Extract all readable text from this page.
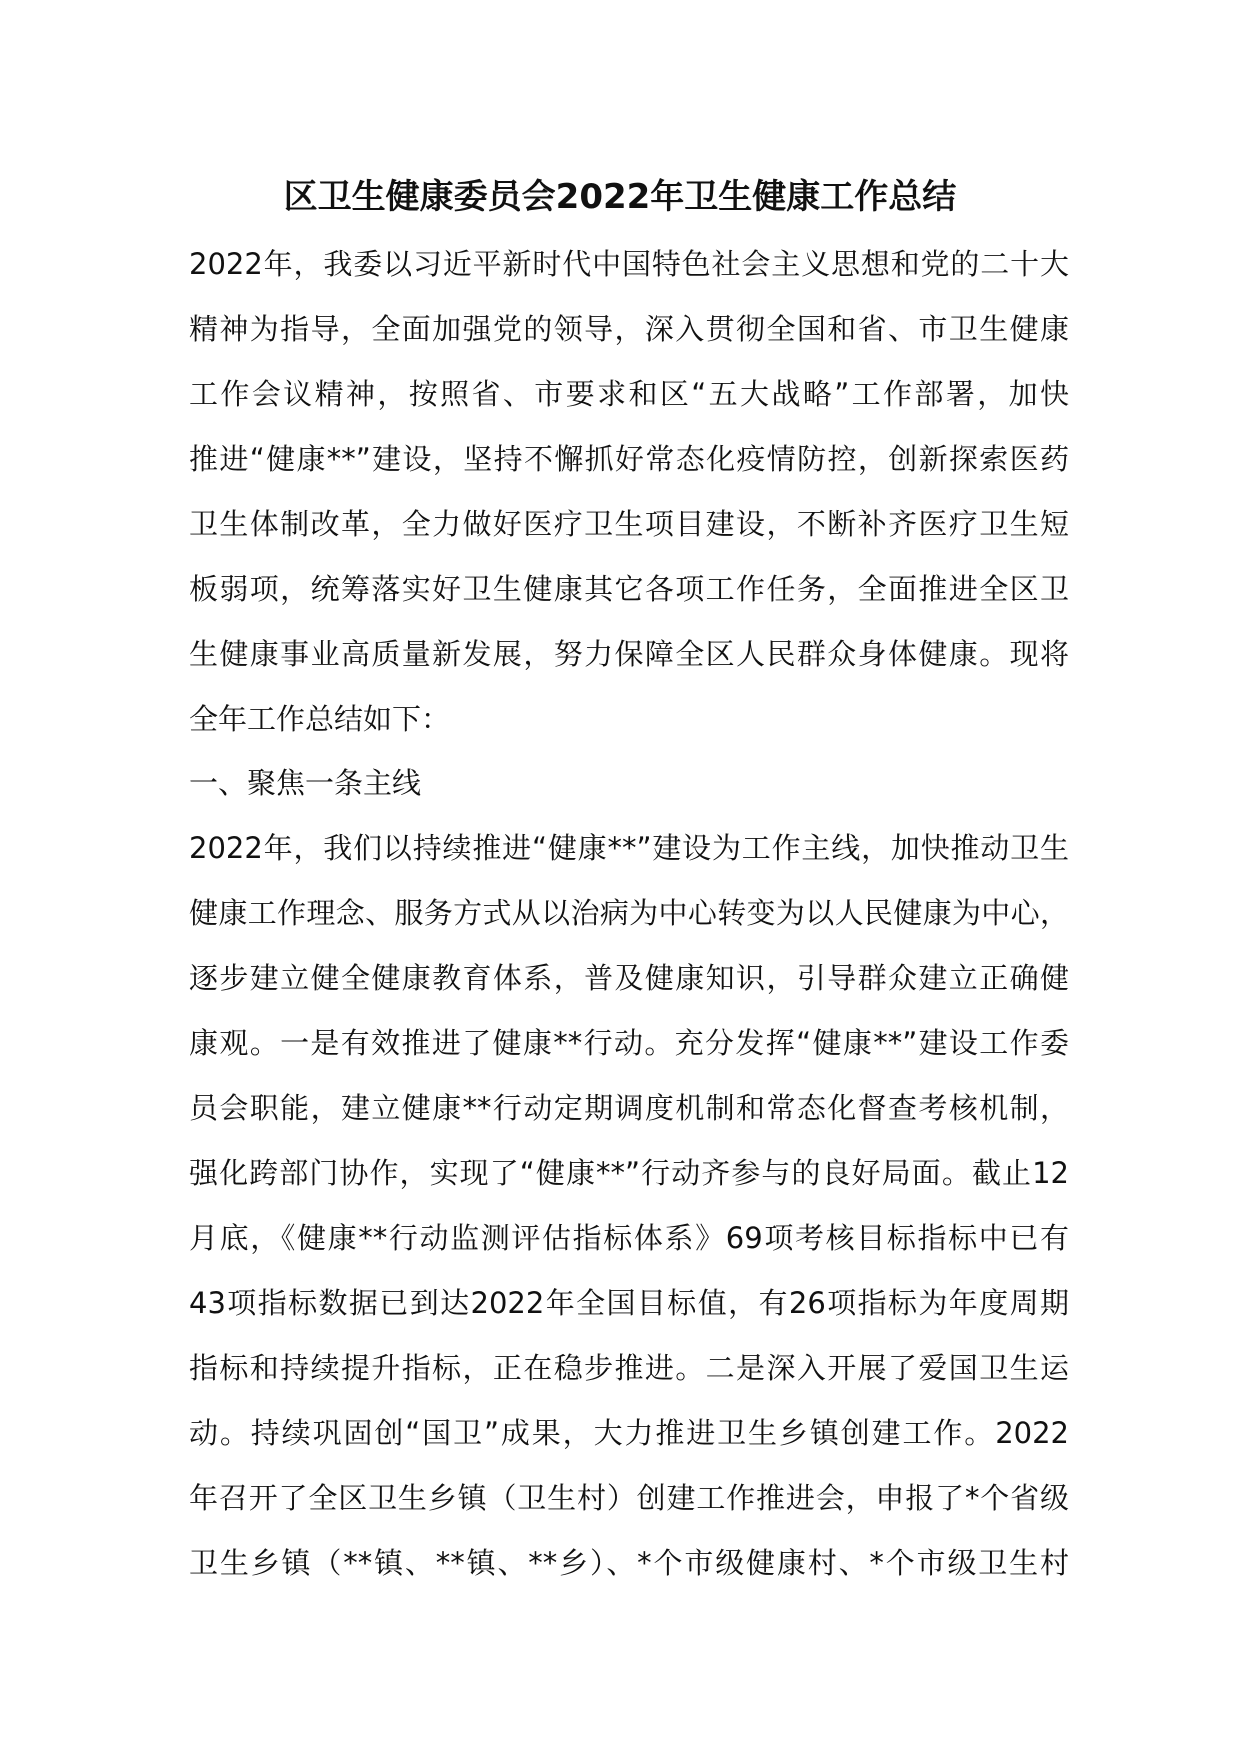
区卫生健康委员会2022年卫生健康工作总结
2022年，我委以习近平新时代中国特色社会主义思想和党的二十大
精神为指导，全面加强党的领导，深入贯彻全国和省、市卫生健康
工作会议精神，按照省、市要求和区“五大战略”工作部署，加快
推进“健康**”建设，坚持不懈抓好常态化疫情防控，创新探索医药
卫生体制改革，全力做好医疗卫生项目建设，不断补齐医疗卫生短
板弱项，统筹落实好卫生健康其它各项工作任务，全面推进全区卫
生健康事业高质量新发展，努力保障全区人民群众身体健康。现将
全年工作总结如下：
一、聚焦一条主线
2022年，我们以持续推进“健康**”建设为工作主线，加快推动卫生
健康工作理念、服务方式从以治病为中心转变为以人民健康为中心，
逐步建立健全健康教育体系，普及健康知识，引导群众建立正确健
康观。一是有效推进了健康**行动。充分发挥“健康**”建设工作委
员会职能，建立健康**行动定期调度机制和常态化督查考核机制，
强化跨部门协作，实现了“健康**”行动齐参与的良好局面。截止12
月底，《健康**行动监测评估指标体系》69项考核目标指标中已有
43项指标数据已到达2022年全国目标值，有26项指标为年度周期
指标和持续提升指标，正在稳步推进。二是深入开展了爱国卫生运
动。持续巩固创“国卫”成果，大力推进卫生乡镇创建工作。2022
年召开了全区卫生乡镇（卫生村）创建工作推进会，申报了*个省级
卫生乡镇（**镇、**镇、**乡）、*个市级健康村、*个市级卫生村
